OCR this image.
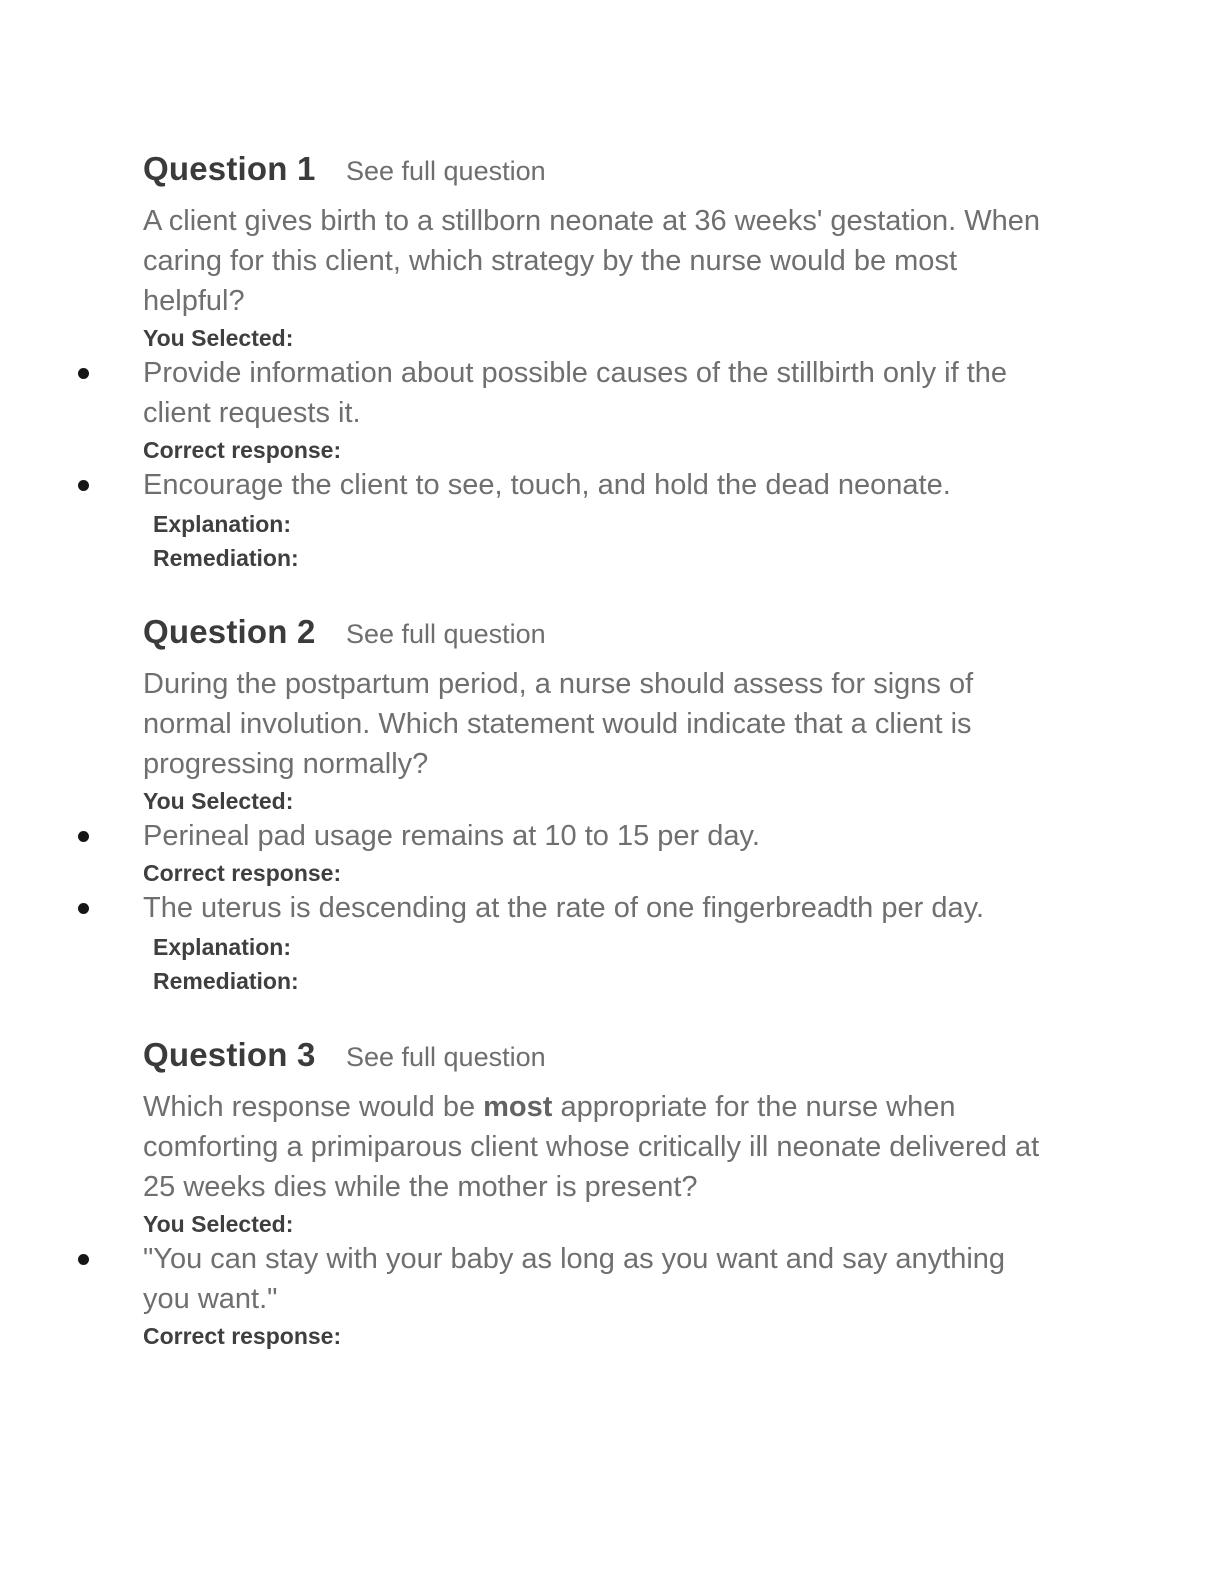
Question 1 See full question
A client gives birth to a stillborn neonate at 36 weeks' gestation. When caring for this client, which strategy by the nurse would be most helpful?
You Selected:
Provide information about possible causes of the stillbirth only if the client requests it.
Correct response:
Encourage the client to see, touch, and hold the dead neonate.
Explanation:
Remediation:
Question 2 See full question
During the postpartum period, a nurse should assess for signs of normal involution. Which statement would indicate that a client is progressing normally?
You Selected:
Perineal pad usage remains at 10 to 15 per day.
Correct response:
The uterus is descending at the rate of one fingerbreadth per day.
Explanation:
Remediation:
Question 3 See full question
Which response would be most appropriate for the nurse when comforting a primiparous client whose critically ill neonate delivered at 25 weeks dies while the mother is present?
You Selected:
"You can stay with your baby as long as you want and say anything you want."
Correct response:
